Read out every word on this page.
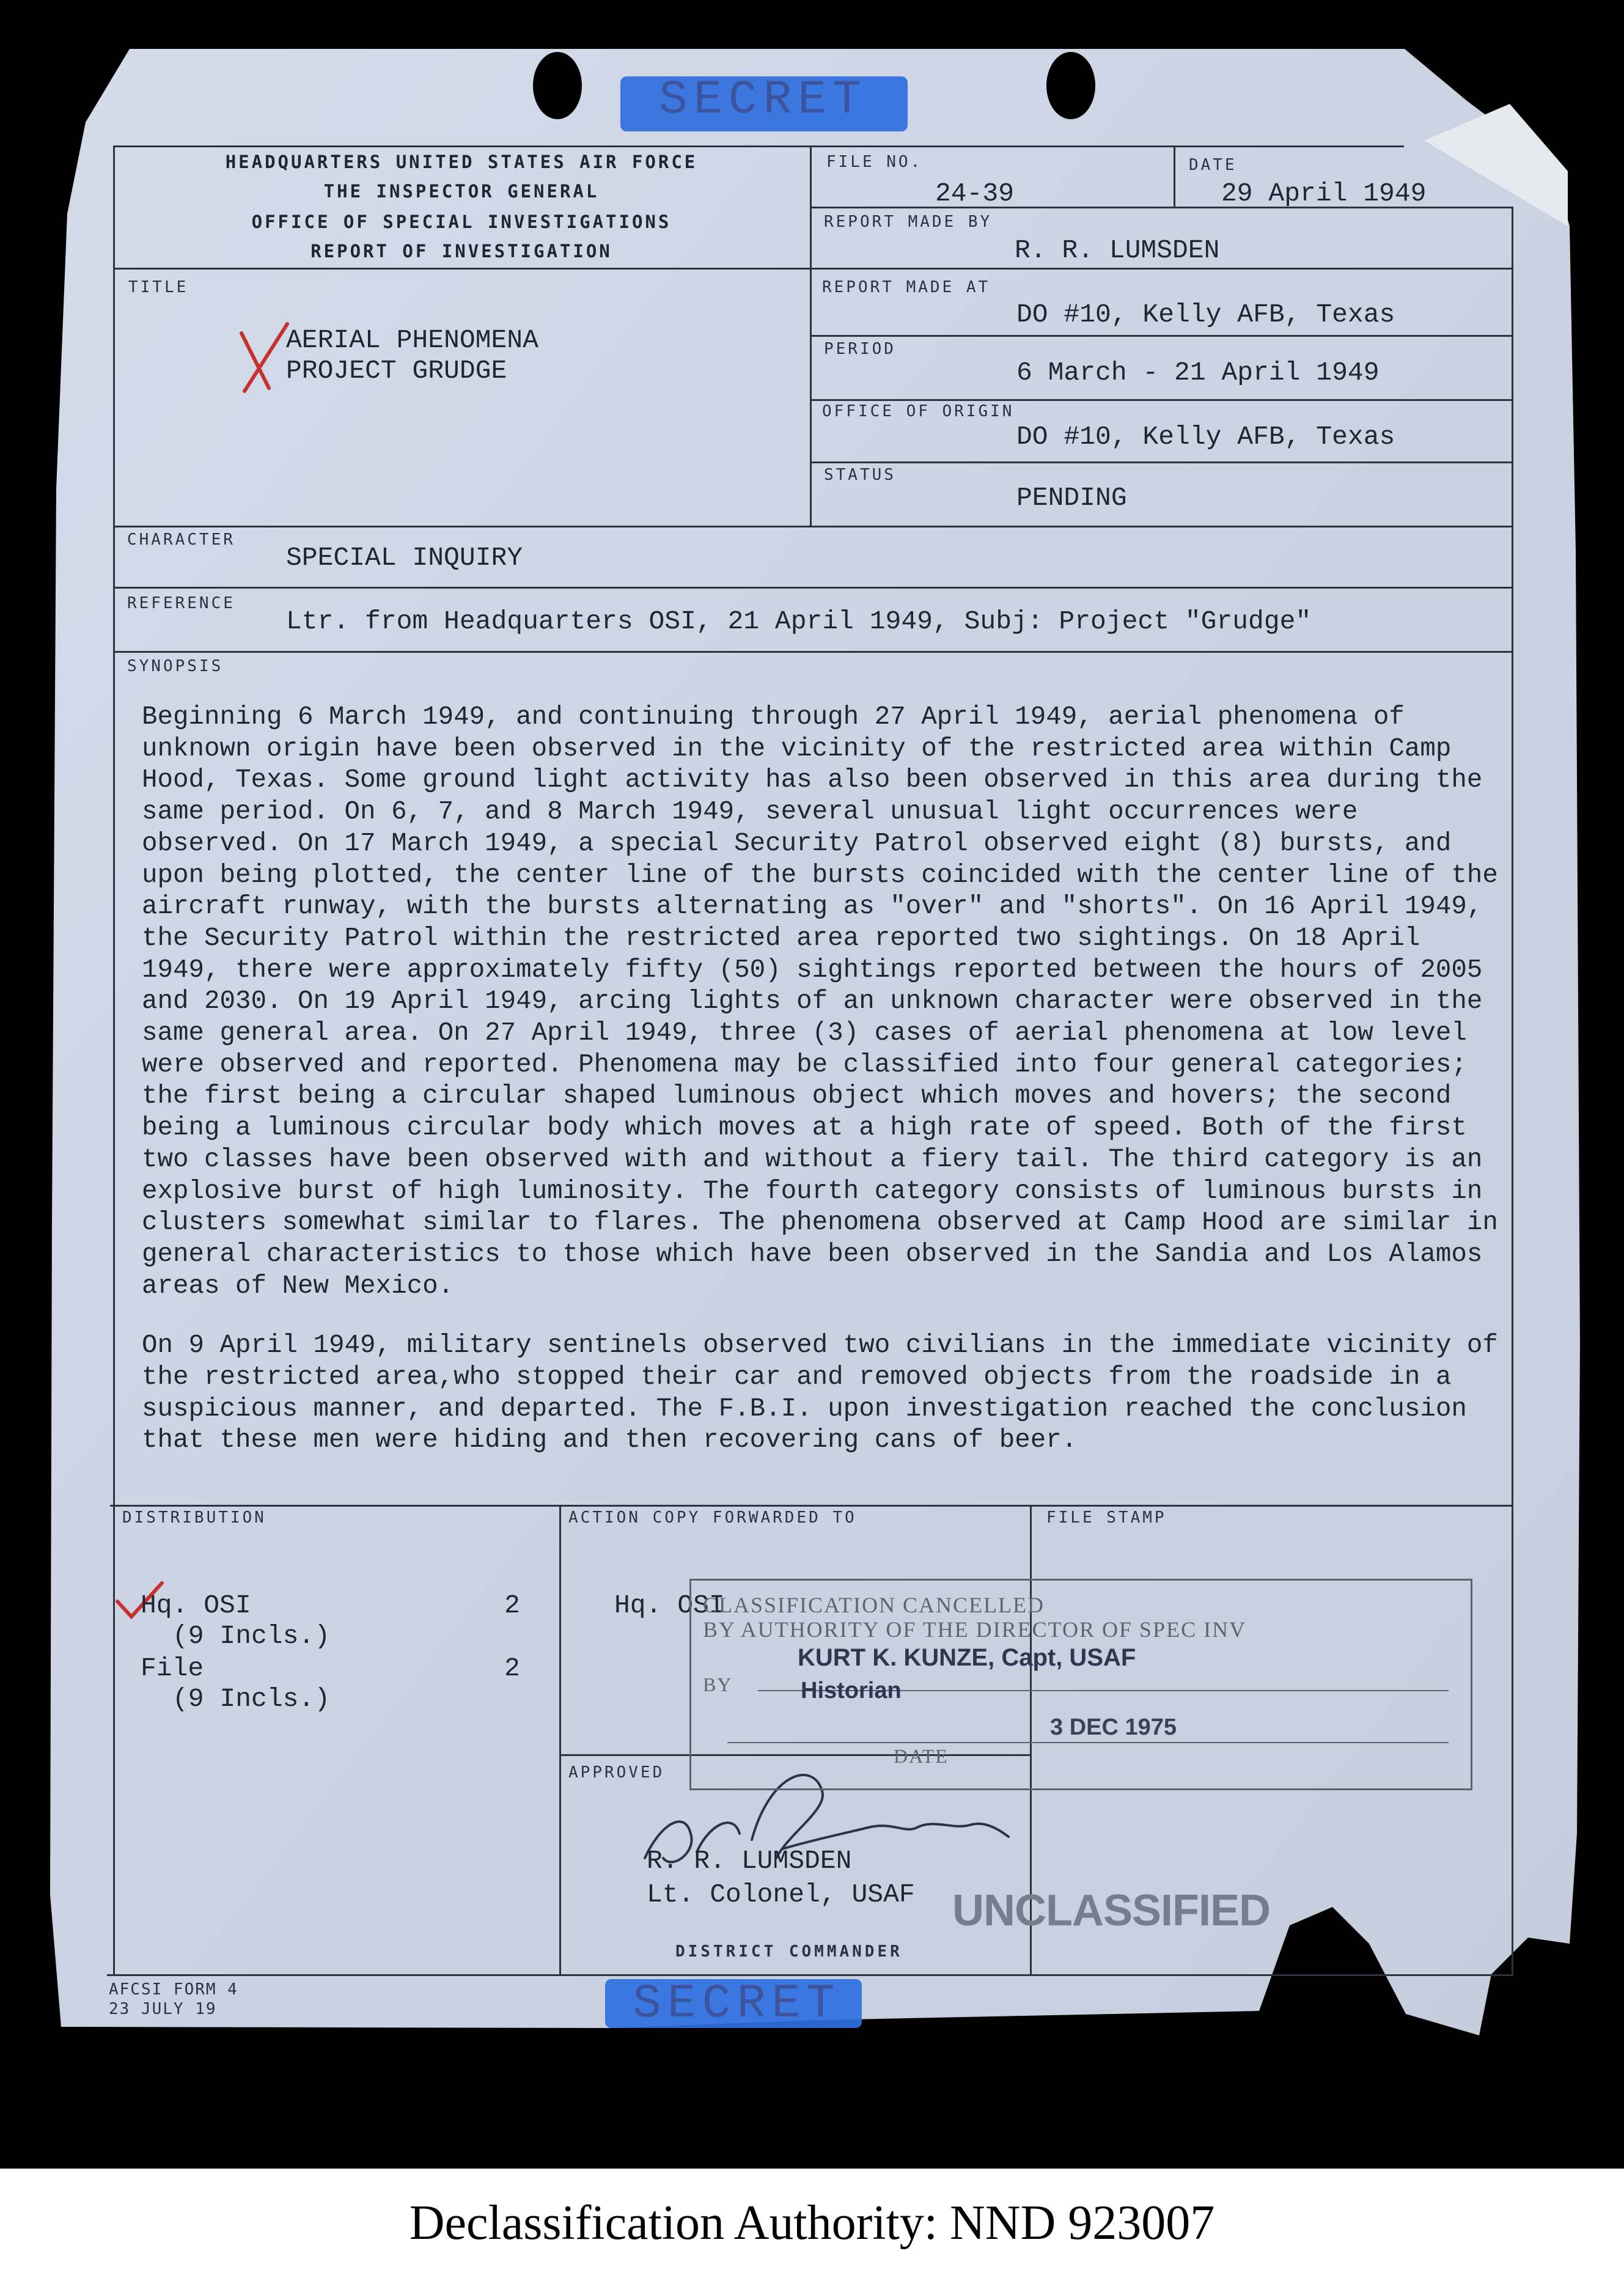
SECRET
SECRET
HEADQUARTERS UNITED STATES AIR FORCE
THE INSPECTOR GENERAL
OFFICE OF SPECIAL INVESTIGATIONS
REPORT OF INVESTIGATION
FILE NO.
24-39
DATE
29 April 1949
REPORT MADE BY
R. R. LUMSDEN
TITLE
AERIAL PHENOMENA
PROJECT GRUDGE
REPORT MADE AT
DO #10, Kelly AFB, Texas
PERIOD
6 March - 21 April 1949
OFFICE OF ORIGIN
DO #10, Kelly AFB, Texas
STATUS
PENDING
CHARACTER
SPECIAL INQUIRY
REFERENCE
Ltr. from Headquarters OSI, 21 April 1949, Subj: Project "Grudge"
SYNOPSIS

Beginning 6 March 1949, and continuing through 27 April 1949, aerial phenomena of unknown origin have been observed in the vicinity of the restricted area within Camp Hood, Texas. Some ground light activity has also been observed in this area during the same period. On 6, 7, and 8 March 1949, several unusual light occurrences were observed. On 17 March 1949, a special Security Patrol observed eight (8) bursts, and upon being plotted, the center line of the bursts coincided with the center line of the aircraft runway, with the bursts alternating as "over" and "shorts". On 16 April 1949, the Security Patrol within the restricted area reported two sightings. On 18 April 1949, there were approximately fifty (50) sightings reported between the hours of 2005 and 2030. On 19 April 1949, arcing lights of an unknown character were observed in the same general area. On 27 April 1949, three (3) cases of aerial phenomena at low level were observed and reported. Phenomena may be classified into four general categories; the first being a circular shaped luminous object which moves and hovers; the second being a luminous circular body which moves at a high rate of speed. Both of the first two classes have been observed with and without a fiery tail. The third category is an explosive burst of high luminosity. The fourth category consists of luminous bursts in clusters somewhat similar to flares. The phenomena observed at Camp Hood are similar in general characteristics to those which have been observed in the Sandia and Los Alamos areas of New Mexico.

On 9 April 1949, military sentinels observed two civilians in the immediate vicinity of the restricted area,who stopped their car and removed objects from the roadside in a suspicious manner, and departed. The F.B.I. upon investigation reached the conclusion that these men were hiding and then recovering cans of beer.

DISTRIBUTION
Hq. OSI	2
(9 Incls.)
File	2
(9 Incls.)
ACTION COPY FORWARDED TO
Hq. OSI
FILE STAMP
CLASSIFICATION CANCELLED
BY AUTHORITY OF THE DIRECTOR OF SPEC INV
BY
KURT K. KUNZE, Capt, USAF
Historian
3 DEC 1975
DATE
APPROVED
R. R. LUMSDEN
Lt. Colonel, USAF
DISTRICT COMMANDER
UNCLASSIFIED
AFCSI FORM 4
23 JULY 19
Declassification Authority: NND 923007
